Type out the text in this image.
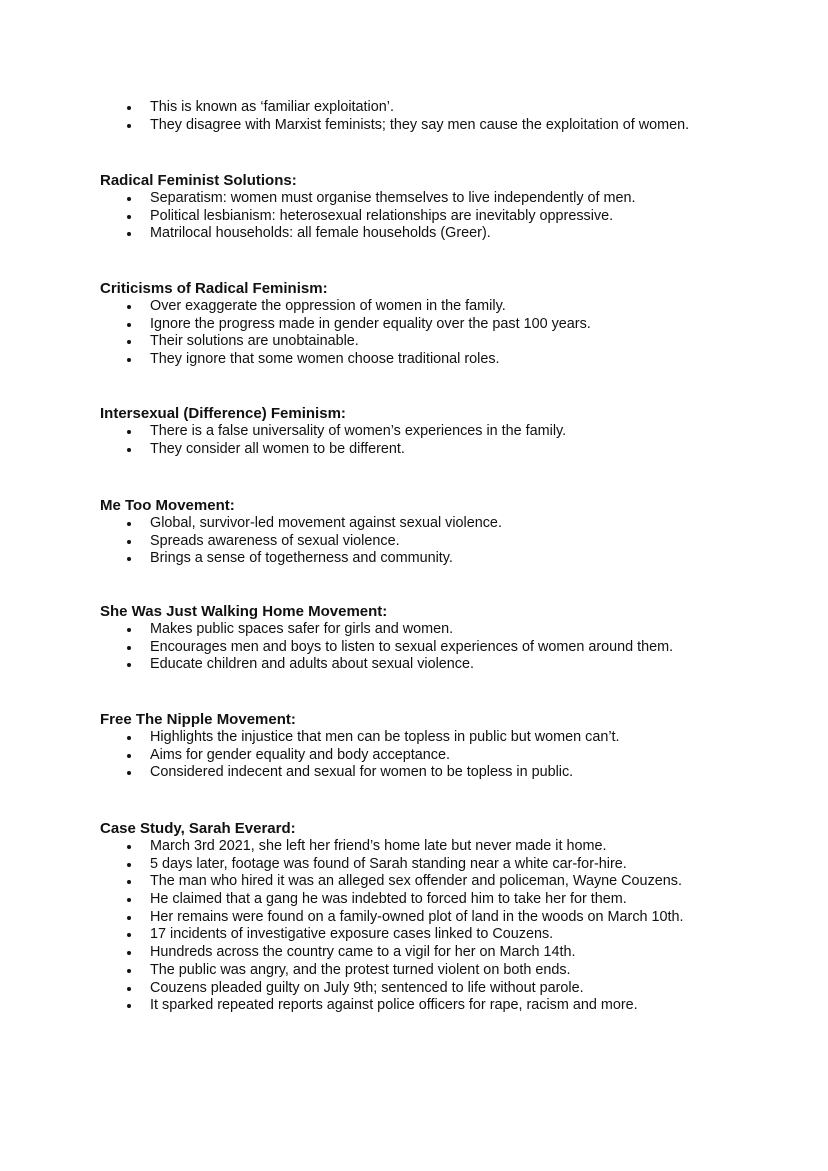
This is known as ‘familiar exploitation’.
They disagree with Marxist feminists; they say men cause the exploitation of women.
Radical Feminist Solutions:
Separatism: women must organise themselves to live independently of men.
Political lesbianism: heterosexual relationships are inevitably oppressive.
Matrilocal households: all female households (Greer).
Criticisms of Radical Feminism:
Over exaggerate the oppression of women in the family.
Ignore the progress made in gender equality over the past 100 years.
Their solutions are unobtainable.
They ignore that some women choose traditional roles.
Intersexual (Difference) Feminism:
There is a false universality of women’s experiences in the family.
They consider all women to be different.
Me Too Movement:
Global, survivor-led movement against sexual violence.
Spreads awareness of sexual violence.
Brings a sense of togetherness and community.
She Was Just Walking Home Movement:
Makes public spaces safer for girls and women.
Encourages men and boys to listen to sexual experiences of women around them.
Educate children and adults about sexual violence.
Free The Nipple Movement:
Highlights the injustice that men can be topless in public but women can’t.
Aims for gender equality and body acceptance.
Considered indecent and sexual for women to be topless in public.
Case Study, Sarah Everard:
March 3rd 2021, she left her friend’s home late but never made it home.
5 days later, footage was found of Sarah standing near a white car-for-hire.
The man who hired it was an alleged sex offender and policeman, Wayne Couzens.
He claimed that a gang he was indebted to forced him to take her for them.
Her remains were found on a family-owned plot of land in the woods on March 10th.
17 incidents of investigative exposure cases linked to Couzens.
Hundreds across the country came to a vigil for her on March 14th.
The public was angry, and the protest turned violent on both ends.
Couzens pleaded guilty on July 9th; sentenced to life without parole.
It sparked repeated reports against police officers for rape, racism and more.
